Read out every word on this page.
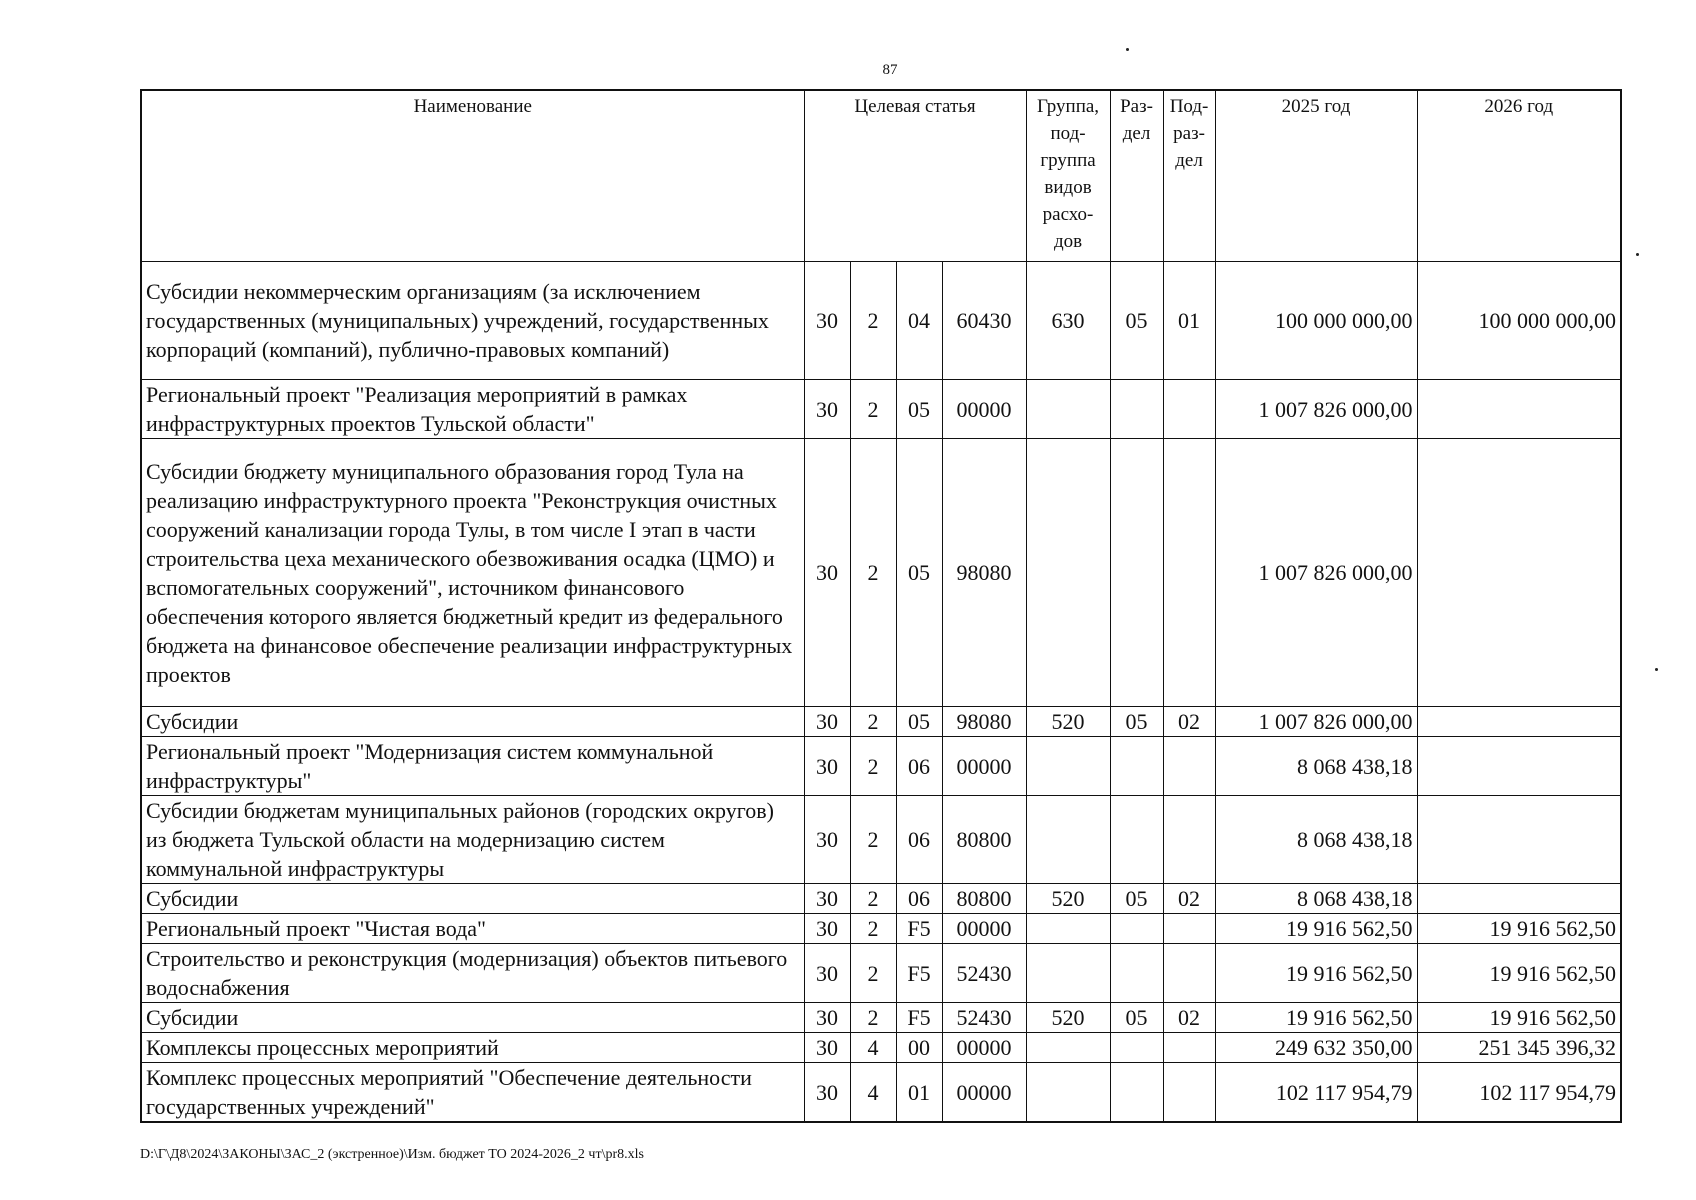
87
Наименование	Целевая статья				Группа, под-группа видов расхо-дов	Раз-дел	Под-раз-дел	2025 год	2026 год
Субсидии некоммерческим организациям (за исключением государственных (муниципальных) учреждений, государственных корпораций (компаний), публично-правовых компаний)	30	2	04	60430	630	05	01	100 000 000,00	100 000 000,00
Региональный проект "Реализация мероприятий в рамках инфраструктурных проектов Тульской области"	30	2	05	00000				1 007 826 000,00	
Субсидии бюджету муниципального образования город Тула на реализацию инфраструктурного проекта "Реконструкция очистных сооружений канализации города Тулы, в том числе I этап в части строительства цеха механического обезвоживания осадка (ЦМО) и вспомогательных сооружений", источником финансового обеспечения которого является бюджетный кредит из федерального бюджета на финансовое обеспечение реализации инфраструктурных проектов	30	2	05	98080				1 007 826 000,00	
Субсидии	30	2	05	98080	520	05	02	1 007 826 000,00	
Региональный проект "Модернизация систем коммунальной инфраструктуры"	30	2	06	00000				8 068 438,18	
Субсидии бюджетам муниципальных районов (городских округов) из бюджета Тульской области на модернизацию систем коммунальной инфраструктуры	30	2	06	80800				8 068 438,18	
Субсидии	30	2	06	80800	520	05	02	8 068 438,18	
Региональный проект "Чистая вода"	30	2	F5	00000				19 916 562,50	19 916 562,50
Строительство и реконструкция (модернизация) объектов питьевого водоснабжения	30	2	F5	52430				19 916 562,50	19 916 562,50
Субсидии	30	2	F5	52430	520	05	02	19 916 562,50	19 916 562,50
Комплексы процессных мероприятий	30	4	00	00000				249 632 350,00	251 345 396,32
Комплекс процессных мероприятий "Обеспечение деятельности государственных учреждений"	30	4	01	00000				102 117 954,79	102 117 954,79
D:\Г\Д8\2024\ЗАКОНЫ\ЗАС_2 (экстренное)\Изм. бюджет ТО 2024-2026_2 чт\pr8.xls
